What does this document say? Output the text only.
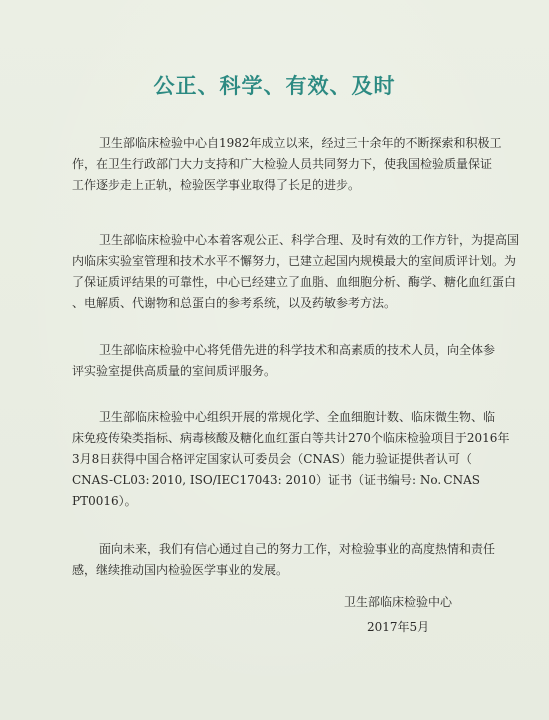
公正、科学、有效、及时
卫生部临床检验中心自1982年成立以来，经过三十余年的不断探索和积极工
作，在卫生行政部门大力支持和广大检验人员共同努力下，使我国检验质量保证
工作逐步走上正轨，检验医学事业取得了长足的进步。
卫生部临床检验中心本着客观公正、科学合理、及时有效的工作方针，为提高国
内临床实验室管理和技术水平不懈努力，已建立起国内规模最大的室间质评计划。为
了保证质评结果的可靠性，中心已经建立了血脂、血细胞分析、酶学、糖化血红蛋白
、电解质、代谢物和总蛋白的参考系统，以及药敏参考方法。
卫生部临床检验中心将凭借先进的科学技术和高素质的技术人员，向全体参
评实验室提供高质量的室间质评服务。
卫生部临床检验中心组织开展的常规化学、全血细胞计数、临床微生物、临
床免疫传染类指标、病毒核酸及糖化血红蛋白等共计270个临床检验项目于2016年
3月8日获得中国合格评定国家认可委员会（CNAS）能力验证提供者认可（
CNAS-CL03: 2010, ISO/IEC17043: 2010）证书（证书编号: No. CNAS
PT0016）。
面向未来，我们有信心通过自己的努力工作，对检验事业的高度热情和责任
感，继续推动国内检验医学事业的发展。
卫生部临床检验中心
2017年5月
